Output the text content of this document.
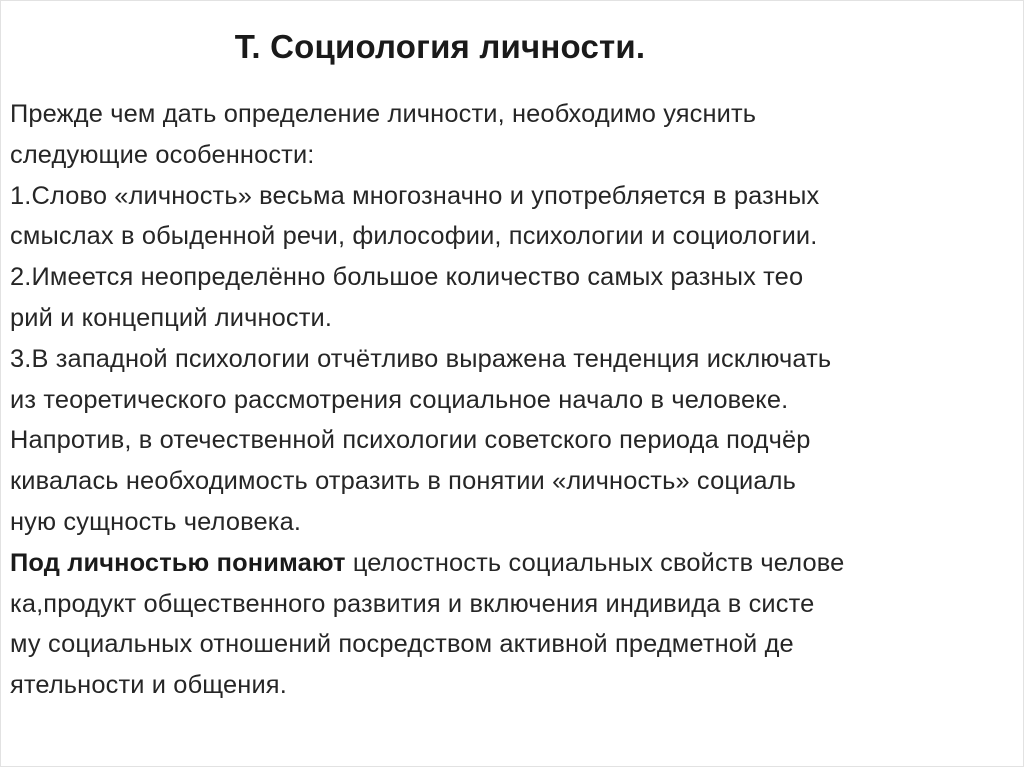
Т. Социология личности.
Прежде чем дать определение личности, необходимо уяснить
следующие особенности:
1.Слово «личность» весьма многозначно и употребляется в разных
смыслах в обыденной речи, философии, психологии и социологии.
2.Имеется неопределённо большое количество самых разных тео
рий и концепций личности.
3.В западной психологии отчётливо выражена тенденция исключать
из теоретического рассмотрения социальное начало в человеке.
Напротив, в отечественной психологии советского периода подчёр
кивалась необходимость отразить в понятии «личность» социаль
ную сущность человека.
Под личностью понимают целостность социальных свойств челове
ка,продукт общественного развития и включения индивида в систе
му социальных отношений посредством активной предметной де
ятельности и общения.
